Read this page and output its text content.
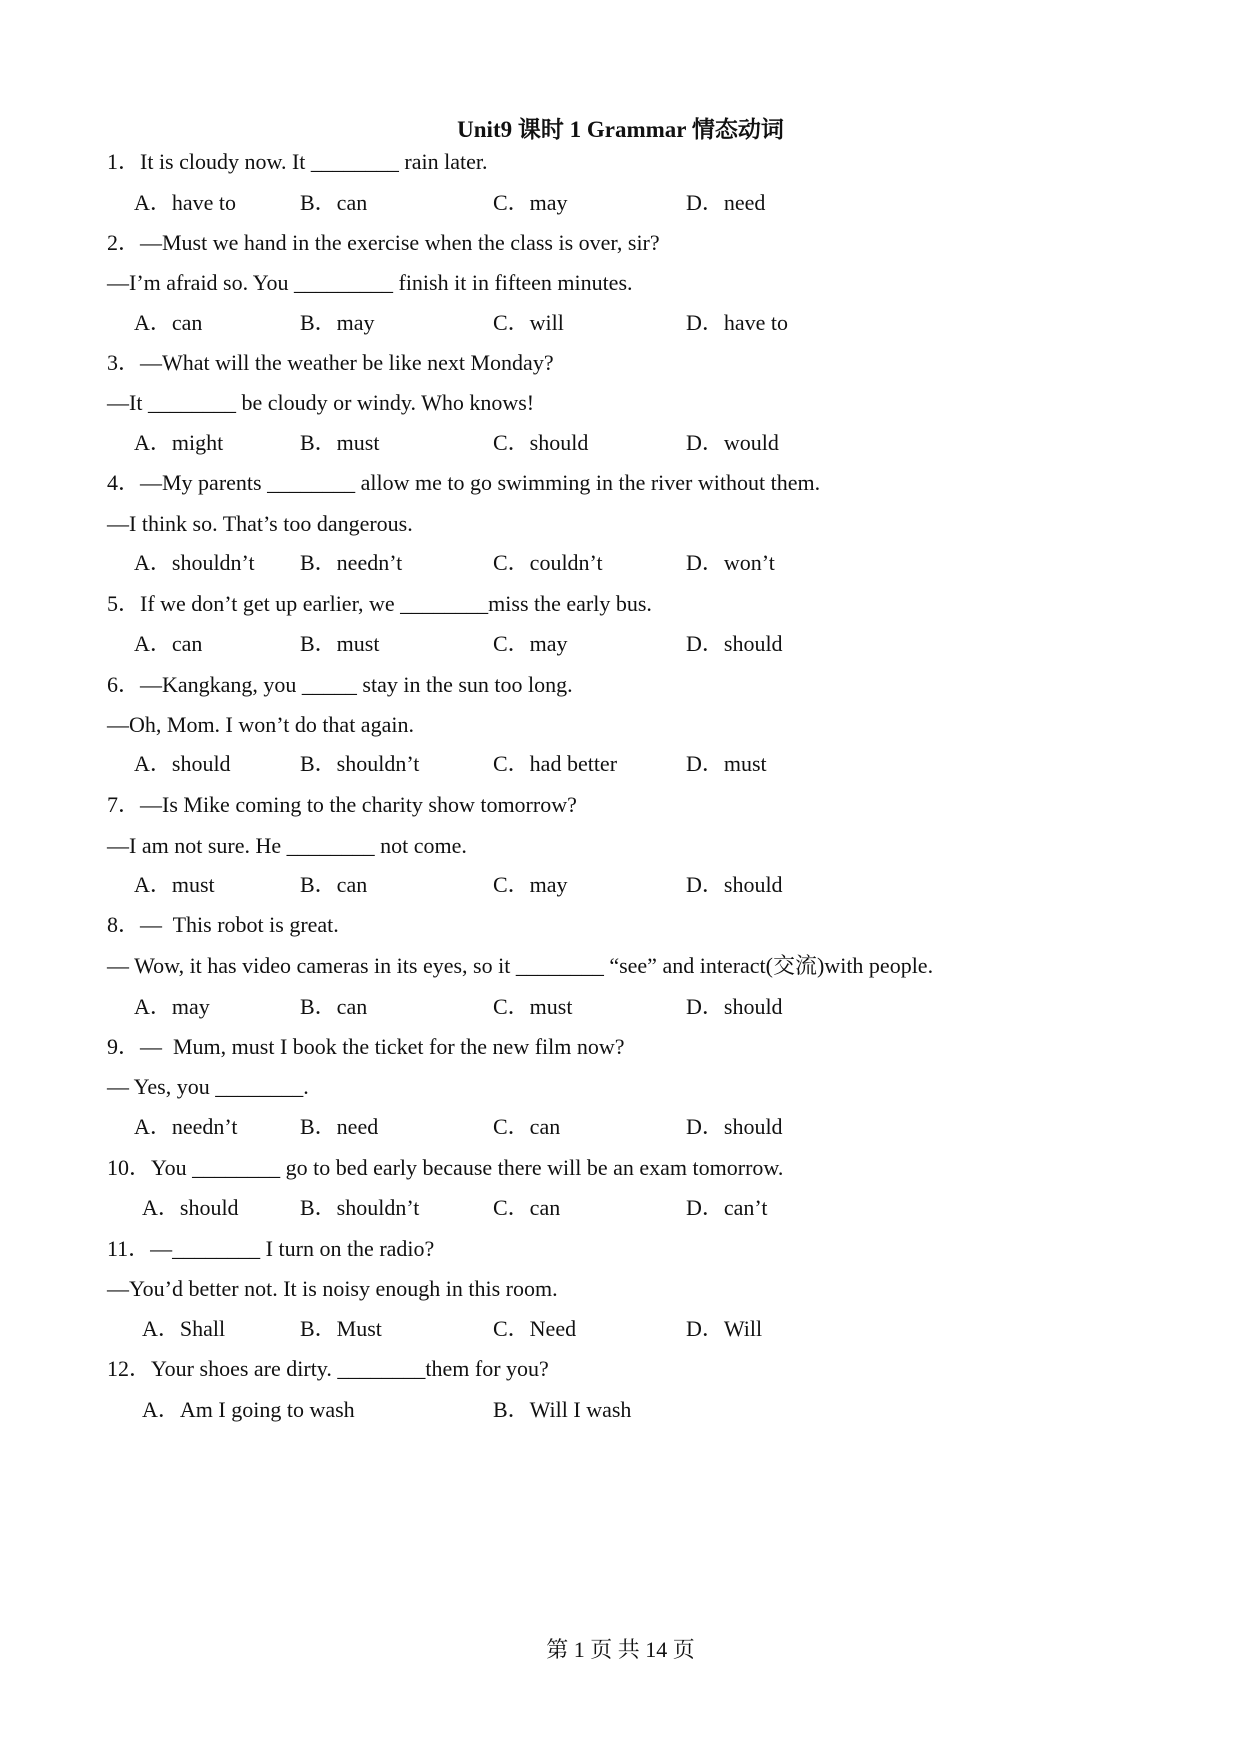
Unit9 课时 1 Grammar 情态动词
1．It is cloudy now. It ________ rain later.
A．have to	B．can	C．may	D．need
2．—Must we hand in the exercise when the class is over, sir?
—I’m afraid so. You _________ finish it in fifteen minutes.
A．can	B．may	C．will	D．have to
3．—What will the weather be like next Monday?
—It ________ be cloudy or windy. Who knows!
A．might	B．must	C．should	D．would
4．—My parents ________ allow me to go swimming in the river without them.
—I think so. That’s too dangerous.
A．shouldn’t B．needn’t	C．couldn’t	D．won’t
5．If we don’t get up earlier, we ________miss the early bus.
A．can	B．must	C．may	D．should
6．—Kangkang, you _____ stay in the sun too long.
—Oh, Mom. I won’t do that again.
A．should	B．shouldn’t	C．had better	D．must
7．—Is Mike coming to the charity show tomorrow?
—I am not sure. He ________ not come.
A．must	B．can	C．may	D．should
8．—  This robot is great.
— Wow, it has video cameras in its eyes, so it ________ “see” and interact(交流)with people.
A．may	B．can	C．must	D．should
9．—  Mum, must I book the ticket for the new film now?
— Yes, you ________.
A．needn’t	B．need	C．can	D．should
10．You ________ go to bed early because there will be an exam tomorrow.
A．should	B．shouldn’t	C．can	D．can’t
11．—________ I turn on the radio?
—You’d better not. It is noisy enough in this room.
A．Shall	B．Must	C．Need	D．Will
12．Your shoes are dirty. ________them for you?
A．Am I going to wash	B．Will I wash
第 1 页 共 14 页
